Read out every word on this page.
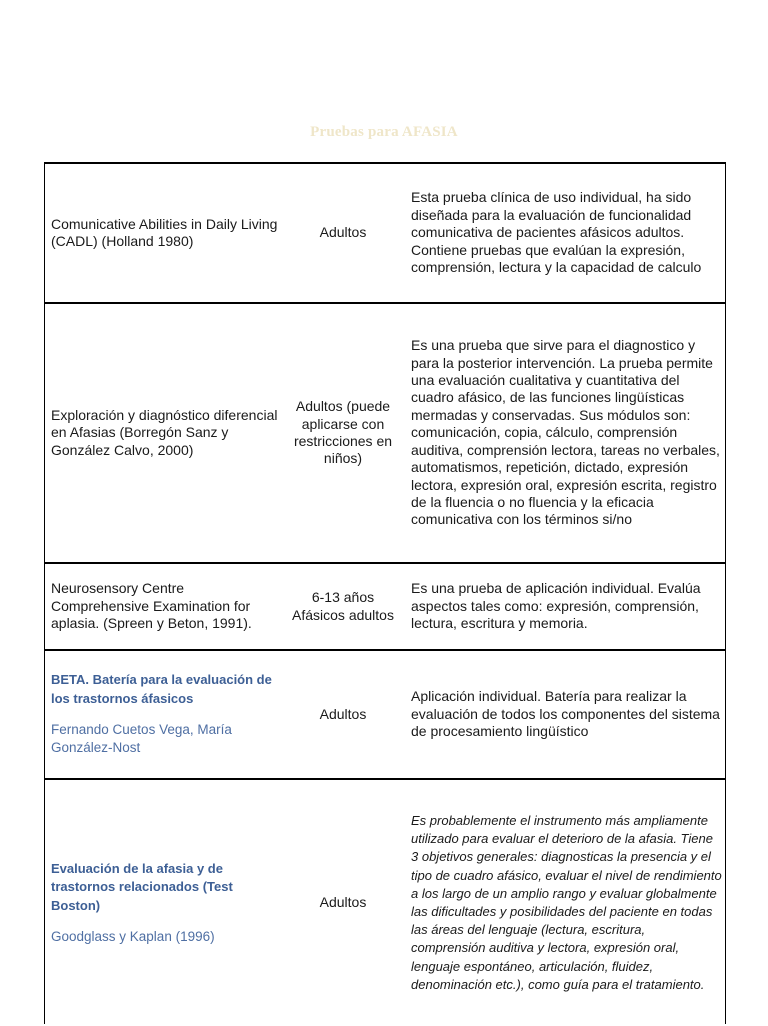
Pruebas para AFASIA
Comunicative Abilities in Daily Living (CADL) (Holland 1980)
Adultos
Esta prueba clínica de uso individual, ha sido diseñada para la evaluación de funcionalidad comunicativa de pacientes afásicos adultos. Contiene pruebas que evalúan la expresión, comprensión, lectura y la capacidad de calculo
Exploración y diagnóstico diferencial en Afasias (Borregón Sanz y González Calvo, 2000)
Adultos (puede aplicarse con restricciones en niños)
Es una prueba que sirve para el diagnostico y para la posterior intervención. La prueba permite una evaluación cualitativa y cuantitativa del cuadro afásico, de las funciones lingüísticas mermadas y conservadas. Sus módulos son: comunicación, copia, cálculo, comprensión auditiva, comprensión lectora, tareas no verbales, automatismos, repetición, dictado, expresión lectora, expresión oral, expresión escrita, registro de la fluencia o no fluencia y la eficacia comunicativa con los términos si/no
Neurosensory Centre Comprehensive Examination for aplasia. (Spreen y Beton, 1991).
6-13 años Afásicos adultos
Es una prueba de aplicación individual. Evalúa aspectos tales como: expresión, comprensión, lectura, escritura y memoria.
BETA. Batería para la evaluación de los trastornos áfasicos
Fernando Cuetos Vega, María González-Nost
Adultos
Aplicación individual. Batería para realizar la evaluación de todos los componentes del sistema de procesamiento lingüístico
Evaluación de la afasia y de trastornos relacionados (Test Boston)
Goodglass y Kaplan (1996)
Adultos
Es probablemente el instrumento más ampliamente utilizado para evaluar el deterioro de la afasia. Tiene 3 objetivos generales: diagnosticas la presencia y el tipo de cuadro afásico, evaluar el nivel de rendimiento a los largo de un amplio rango y evaluar globalmente las dificultades y posibilidades del paciente en todas las áreas del lenguaje (lectura, escritura, comprensión auditiva y lectora, expresión oral, lenguaje espontáneo, articulación, fluidez, denominación etc.), como guía para el tratamiento.
